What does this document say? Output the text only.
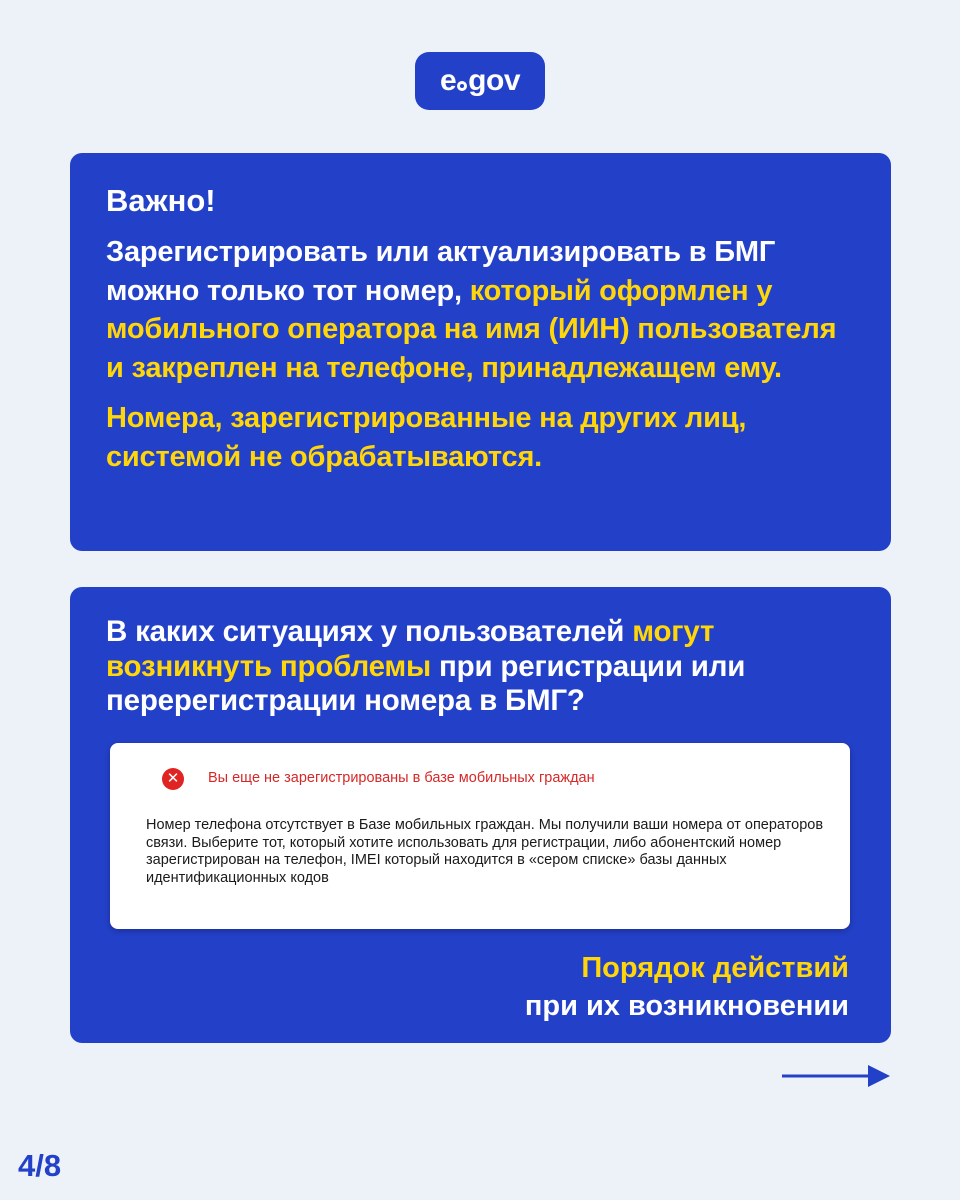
e gov
Важно!

Зарегистрировать или актуализировать в БМГ можно только тот номер, который оформлен у мобильного оператора на имя (ИИН) пользователя и закреплен на телефоне, принадлежащем ему.

Номера, зарегистрированные на других лиц, системой не обрабатываются.

В каких ситуациях у пользователей могут возникнуть проблемы при регистрации или перерегистрации номера в БМГ?

✕	Вы еще не зарегистрированы в базе мобильных граждан
Номер телефона отсутствует в Базе мобильных граждан. Мы получили ваши номера от операторов связи. Выберите тот, который хотите использовать для регистрации, либо абонентский номер зарегистрирован на телефон, IMEI который находится в «сером списке» базы данных идентификационных кодов
Порядок действий
при их возникновении
4/8
